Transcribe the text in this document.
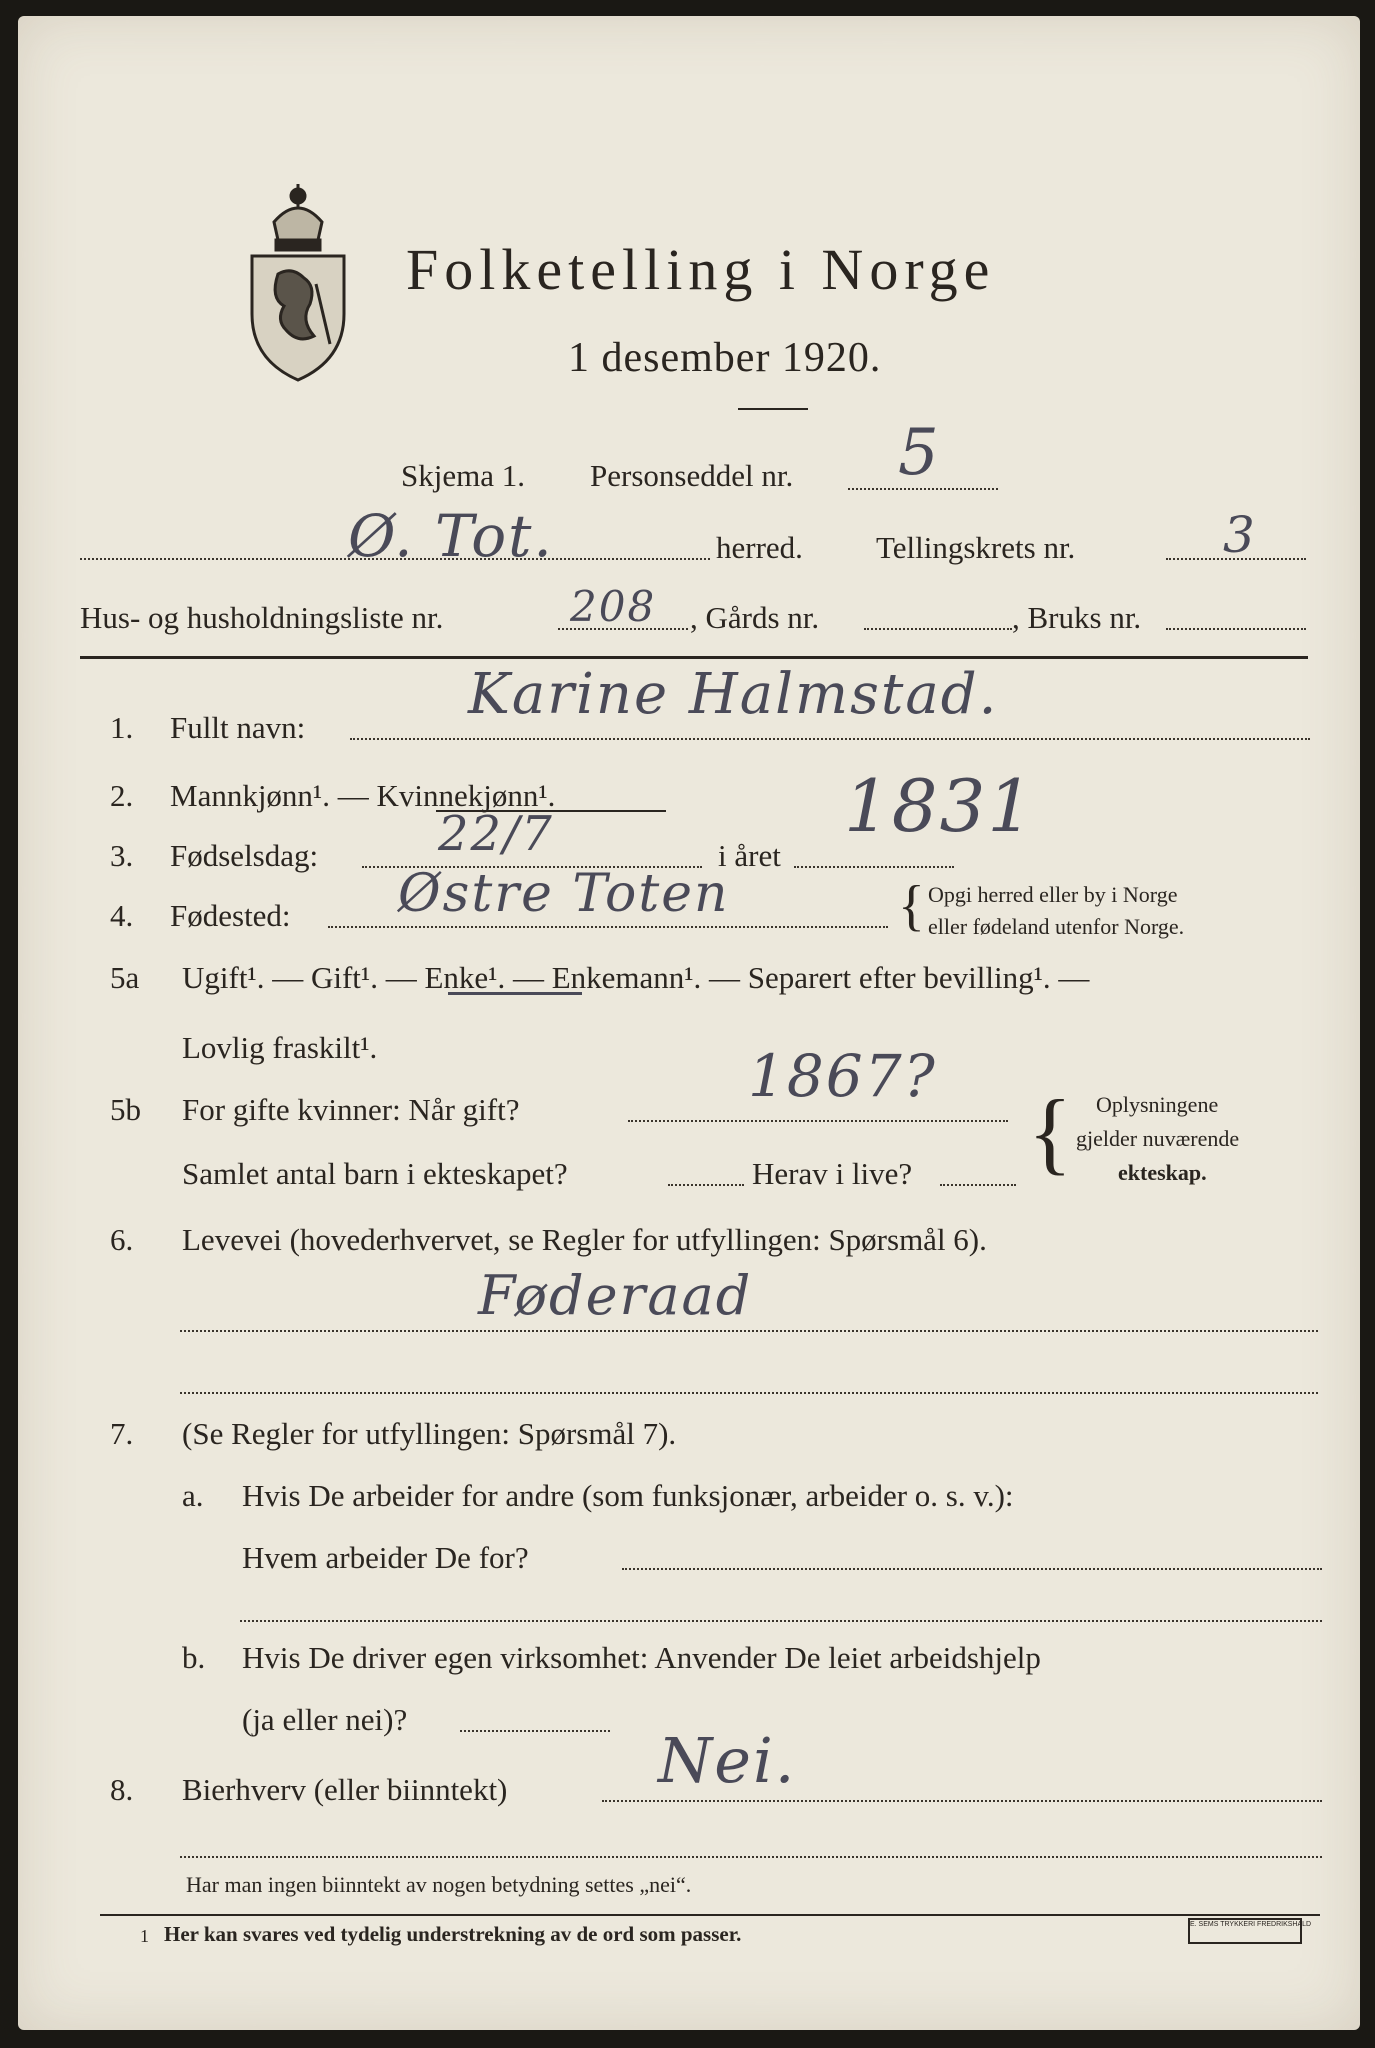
Folketelling i Norge
1 desember 1920.
Skjema 1. Personseddel nr. 5
Ø. Tot.	herred. Tellingskrets nr.	3
Hus- og husholdningsliste nr.	208 , Gårds nr.	, Bruks nr.
1. Fullt navn:
Karine Halmstad.
2. Mannkjønn¹. — Kvinnekjønn¹.
3. Fødselsdag: 22/7	i året
1831
4. Fødested: Østre Toten	{ Opgi herred eller by i Norge
eller fødeland utenfor Norge.
5a Ugift¹. — Gift¹. — Enke¹. — Enkemann¹. — Separert efter bevilling¹. —
Lovlig fraskilt¹.
5b For gifte kvinner: Når gift?	1867?
Samlet antal barn i ekteskapet?	Herav i live? { Oplysningene
gjelder nuværende
ekteskap.
6. Levevei (hovederhvervet, se Regler for utfyllingen: Spørsmål 6).
Føderaad
7. (Se Regler for utfyllingen: Spørsmål 7).
a. Hvis De arbeider for andre (som funksjonær, arbeider o. s. v.):
Hvem arbeider De for?
b. Hvis De driver egen virksomhet: Anvender De leiet arbeidshjelp
(ja eller nei)?
8. Bierhverv (eller biinntekt) Nei.
Har man ingen biinntekt av nogen betydning settes „nei“.
1 Her kan svares ved tydelig understrekning av de ord som passer.	E. SEMS TRYKKERI FREDRIKSHALD
